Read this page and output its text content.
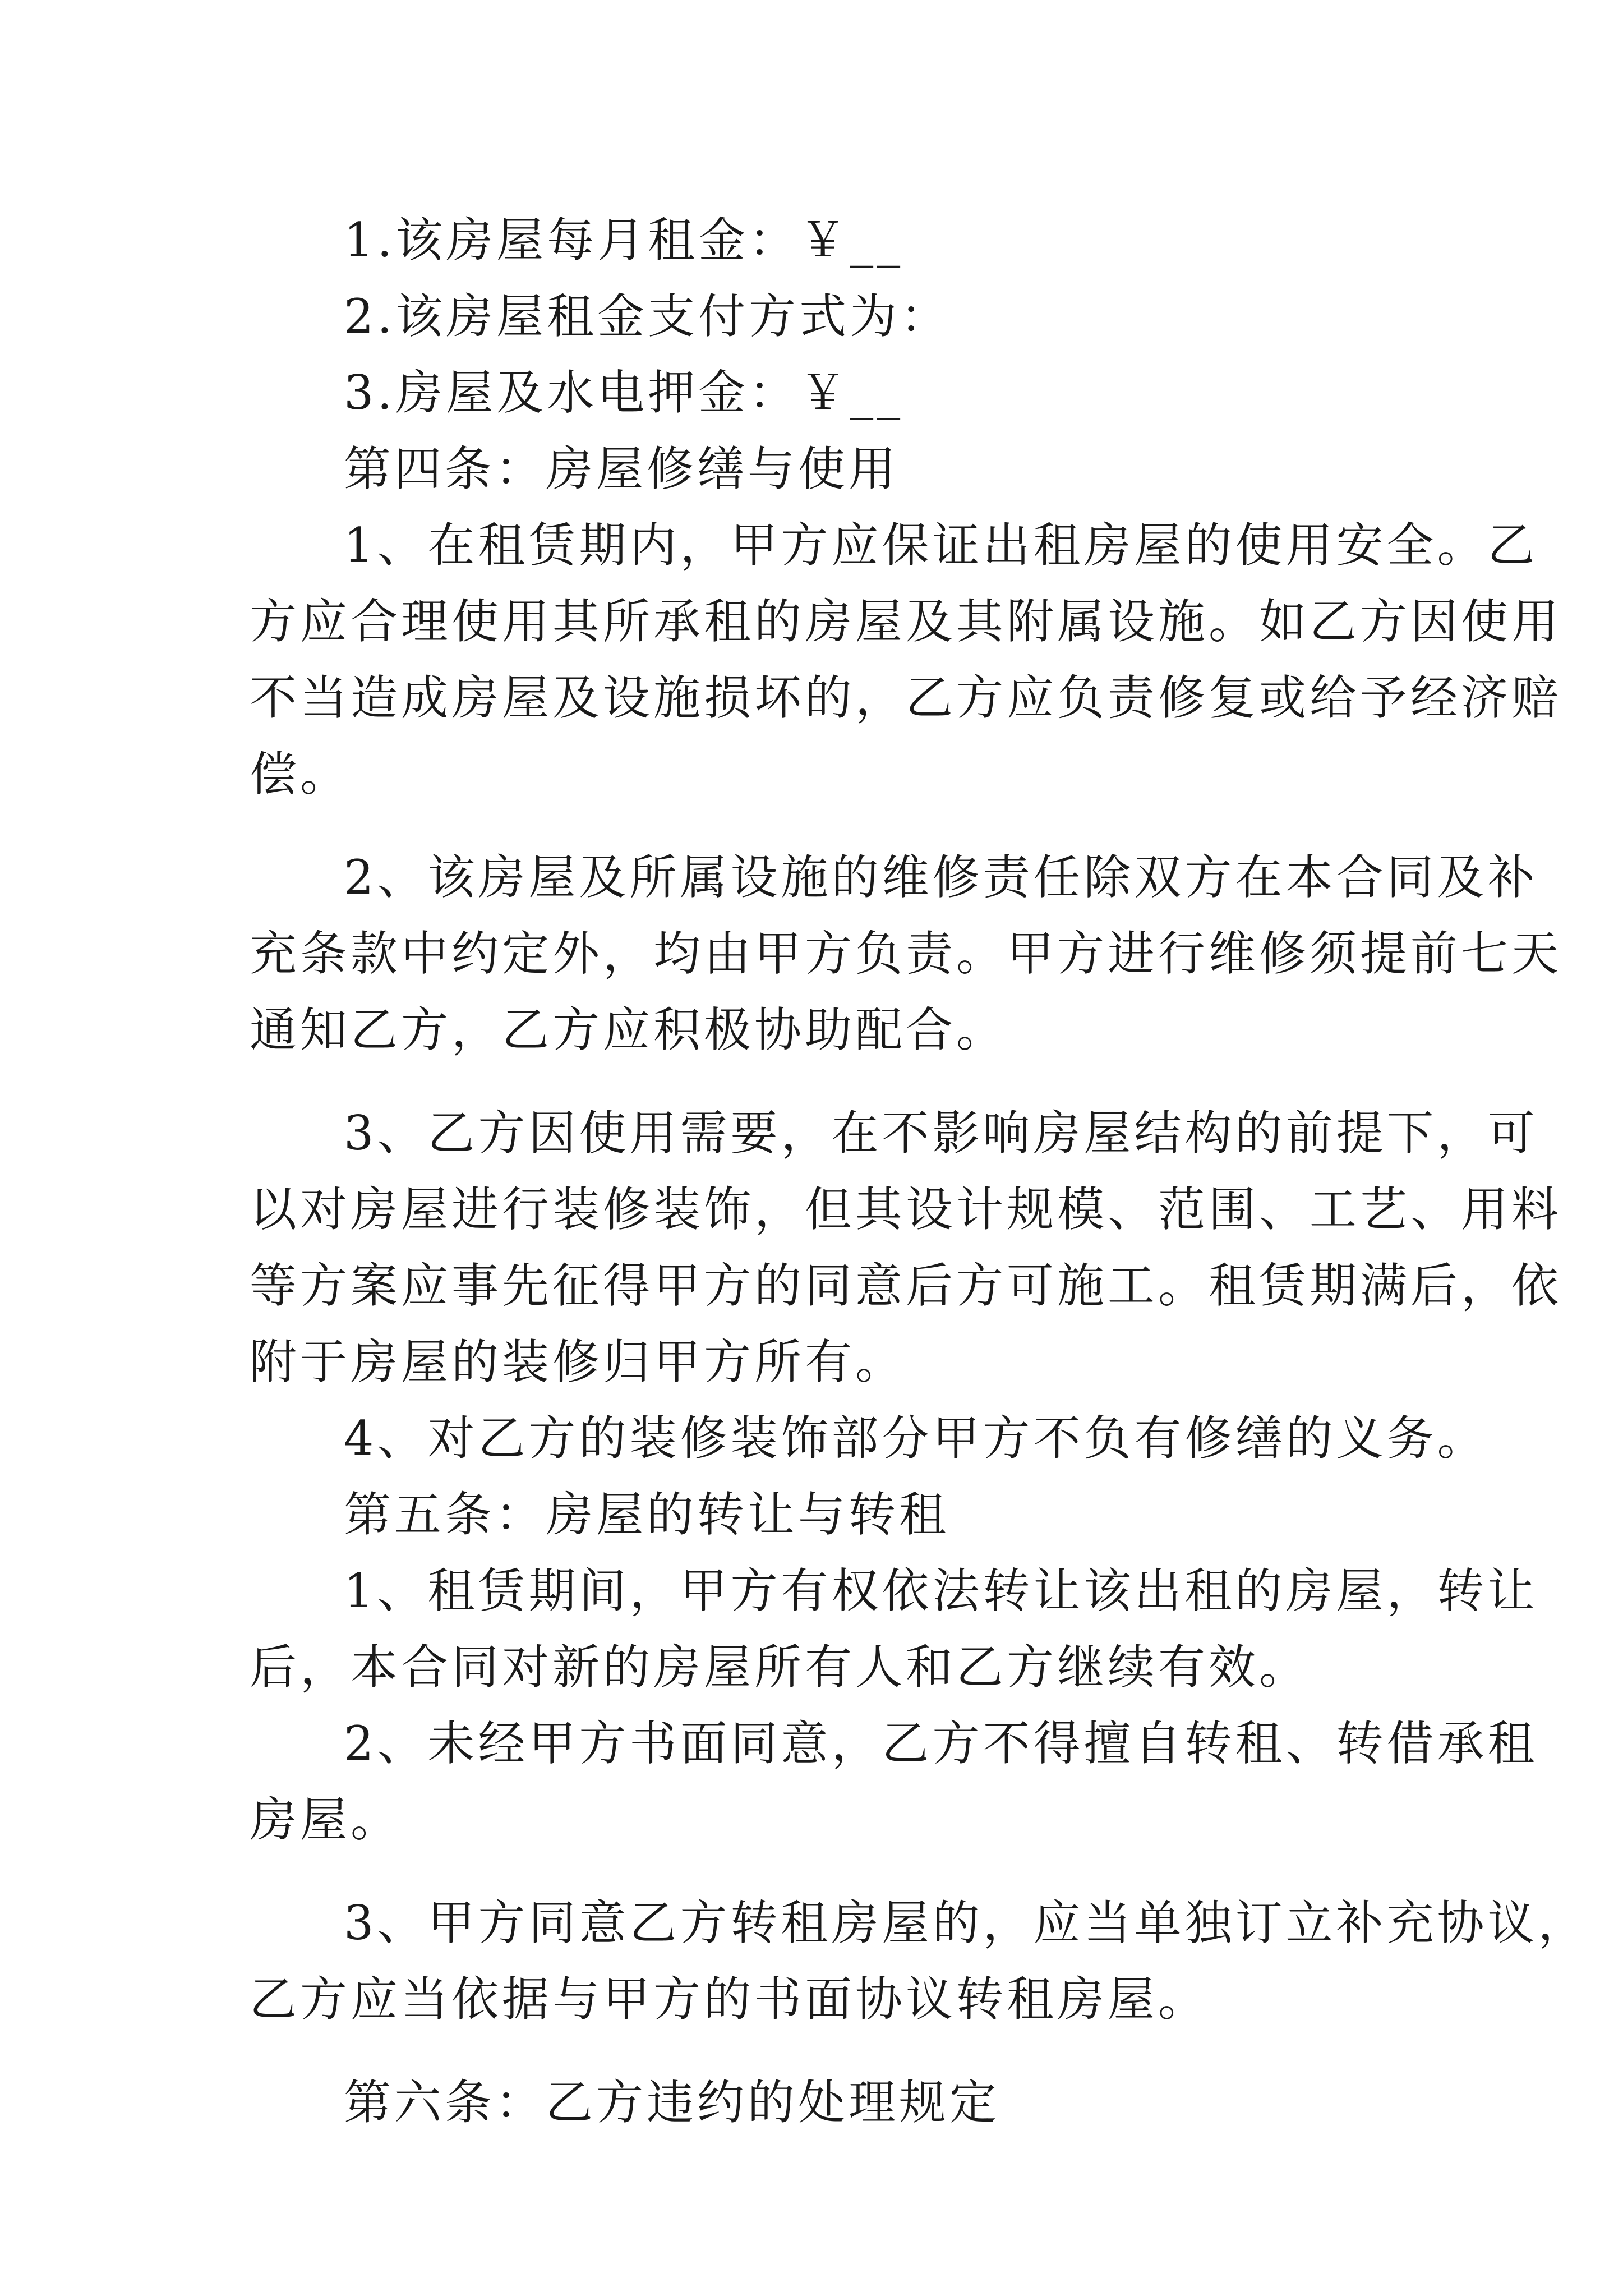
1.该房屋每月租金：￥__
2.该房屋租金支付方式为：
3.房屋及水电押金：￥__
第四条：房屋修缮与使用
1、在租赁期内，甲方应保证出租房屋的使用安全。乙
方应合理使用其所承租的房屋及其附属设施。如乙方因使用
不当造成房屋及设施损坏的，乙方应负责修复或给予经济赔
偿。
2、该房屋及所属设施的维修责任除双方在本合同及补
充条款中约定外，均由甲方负责。甲方进行维修须提前七天
通知乙方，乙方应积极协助配合。
3、乙方因使用需要，在不影响房屋结构的前提下，可
以对房屋进行装修装饰，但其设计规模、范围、工艺、用料
等方案应事先征得甲方的同意后方可施工。租赁期满后，依
附于房屋的装修归甲方所有。
4、对乙方的装修装饰部分甲方不负有修缮的义务。
第五条：房屋的转让与转租
1、租赁期间，甲方有权依法转让该出租的房屋，转让
后，本合同对新的房屋所有人和乙方继续有效。
2、未经甲方书面同意，乙方不得擅自转租、转借承租
房屋。
3、甲方同意乙方转租房屋的，应当单独订立补充协议，
乙方应当依据与甲方的书面协议转租房屋。
第六条：乙方违约的处理规定
